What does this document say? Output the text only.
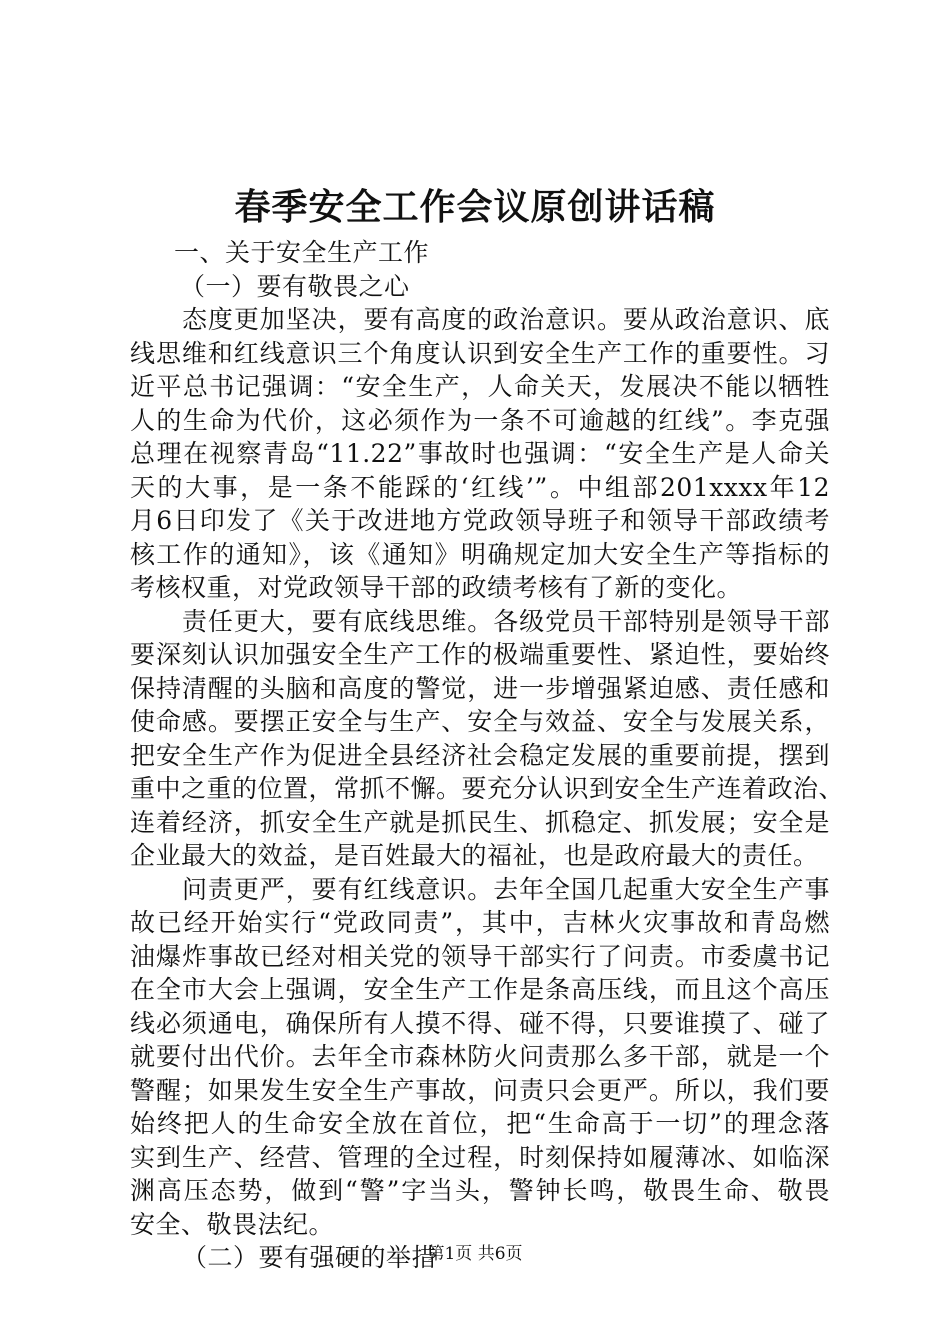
春季安全工作会议原创讲话稿

一、关于安全生产工作

（一）要有敬畏之心

态度更加坚决，要有高度的政治意识。要从政治意识、底

线思维和红线意识三个角度认识到安全生产工作的重要性。习

近平总书记强调：“安全生产，人命关天，发展决不能以牺牲

人的生命为代价，这必须作为一条不可逾越的红线”。李克强

总理在视察青岛“11.22”事故时也强调：“安全生产是人命关

天的大事，是一条不能踩的‘红线’”。中组部201xxxx年12

月6日印发了《关于改进地方党政领导班子和领导干部政绩考

核工作的通知》，该《通知》明确规定加大安全生产等指标的

考核权重，对党政领导干部的政绩考核有了新的变化。

责任更大，要有底线思维。各级党员干部特别是领导干部

要深刻认识加强安全生产工作的极端重要性、紧迫性，要始终

保持清醒的头脑和高度的警觉，进一步增强紧迫感、责任感和

使命感。要摆正安全与生产、安全与效益、安全与发展关系，

把安全生产作为促进全县经济社会稳定发展的重要前提，摆到

重中之重的位置，常抓不懈。要充分认识到安全生产连着政治、

连着经济，抓安全生产就是抓民生、抓稳定、抓发展；安全是

企业最大的效益，是百姓最大的福祉，也是政府最大的责任。

问责更严，要有红线意识。去年全国几起重大安全生产事

故已经开始实行“党政同责”，其中，吉林火灾事故和青岛燃

油爆炸事故已经对相关党的领导干部实行了问责。市委虞书记

在全市大会上强调，安全生产工作是条高压线，而且这个高压

线必须通电，确保所有人摸不得、碰不得，只要谁摸了、碰了

就要付出代价。去年全市森林防火问责那么多干部，就是一个

警醒；如果发生安全生产事故，问责只会更严。所以，我们要

始终把人的生命安全放在首位，把“生命高于一切”的理念落

实到生产、经营、管理的全过程，时刻保持如履薄冰、如临深

渊高压态势，做到“警”字当头，警钟长鸣，敬畏生命、敬畏

安全、敬畏法纪。

（二）要有强硬的举措

第1页 共6页
